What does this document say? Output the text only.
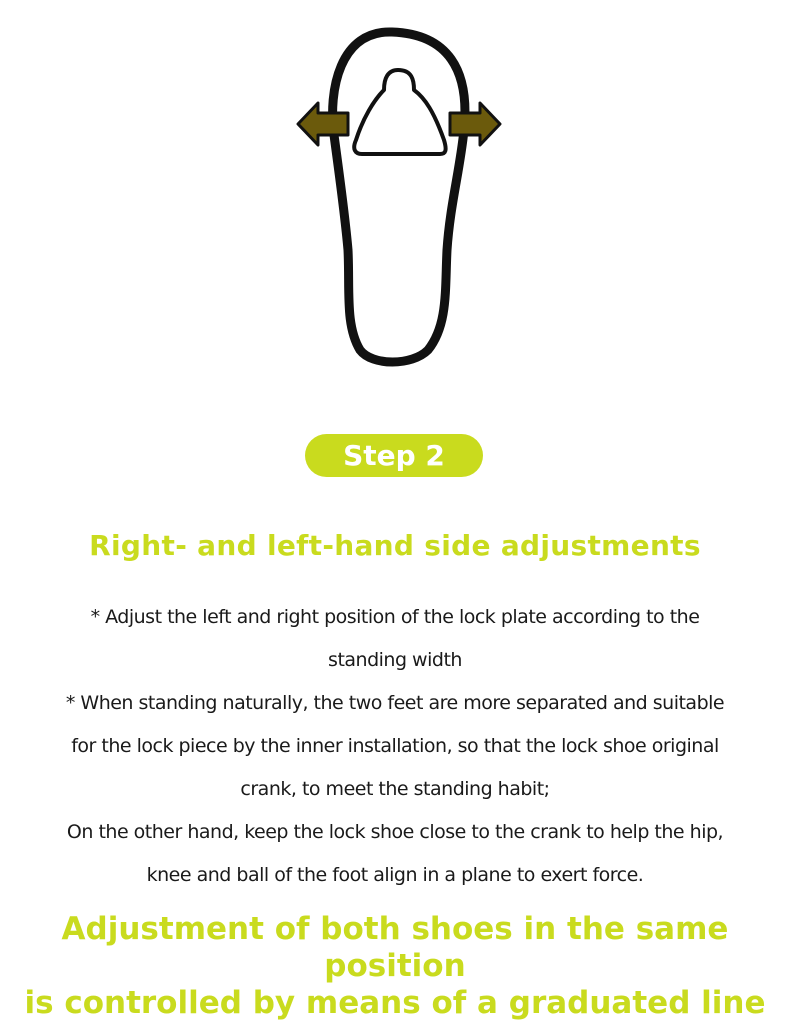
Step 2
Right- and left-hand side adjustments

* Adjust the left and right position of the lock plate according to the

standing width

* When standing naturally, the two feet are more separated and suitable

for the lock piece by the inner installation, so that the lock shoe original

crank, to meet the standing habit;

On the other hand, keep the lock shoe close to the crank to help the hip,

knee and ball of the foot align in a plane to exert force.

Adjustment of both shoes in the same position

is controlled by means of a graduated line
